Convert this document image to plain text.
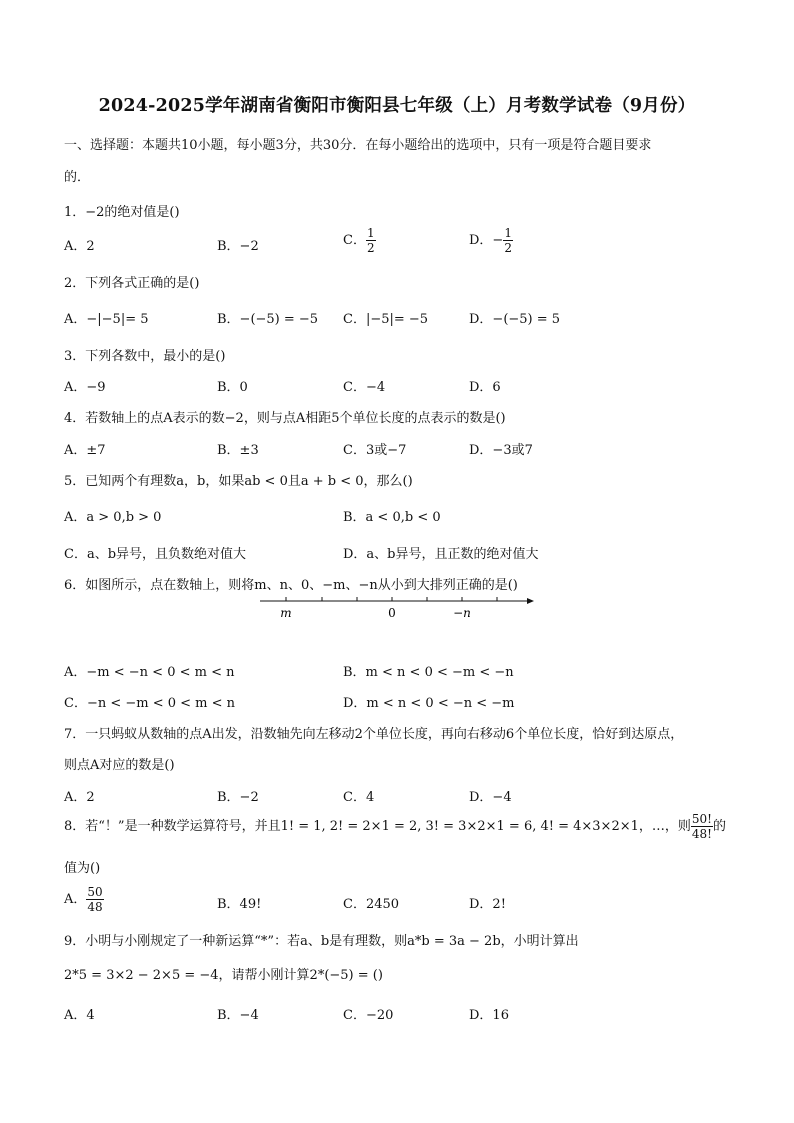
2024-2025学年湖南省衡阳市衡阳县七年级（上）月考数学试卷（9月份）
一、选择题：本题共10小题，每小题3分，共30分．在每小题给出的选项中，只有一项是符合题目要求
的．
1．−2的绝对值是()
A．2	B．−2	C． $\frac{1}{2}$	D．− $\frac{1}{2}$
2．下列各式正确的是()
A．−|−5|= 5	B．−(−5) = −5 C．|−5|= −5	D．−(−5) = 5
3．下列各数中，最小的是()
A．−9	B．0	C．−4	D．6
4．若数轴上的点A表示的数−2，则与点A相距5个单位长度的点表示的数是()
A．±7	B．±3	C．3或−7	D．−3或7
5．已知两个有理数a，b，如果ab < 0且a + b < 0，那么()
A．a > 0,b > 0	B．a < 0,b < 0
C．a、b异号，且负数绝对值大	D．a、b异号，且正数的绝对值大
6．如图所示，点在数轴上，则将m、n、0、−m、−n从小到大排列正确的是()
m	0	−n
A．−m < −n < 0 < m < n	B．m < n < 0 < −m < −n
C．−n < −m < 0 < m < n	D．m < n < 0 < −n < −m
7．一只蚂蚁从数轴的点A出发，沿数轴先向左移动2个单位长度，再向右移动6个单位长度，恰好到达原点，
则点A对应的数是()
A．2	B．−2	C．4	D．−4
8．若“！”是一种数学运算符号，并且1! = 1, 2! = 2×1 = 2, 3! = 3×2×1 = 6, 4! = 4×3×2×1，…，则 $\frac{50!}{48!}$ 的
值为()
A． $\frac{50}{48}$	B．49!	C．2450	D．2!
9．小明与小刚规定了一种新运算“*”：若a、b是有理数，则a*b = 3a − 2b，小明计算出
2*5 = 3×2 − 2×5 = −4，请帮小刚计算2*(−5) = ()
A．4	B．−4	C．−20	D．16
